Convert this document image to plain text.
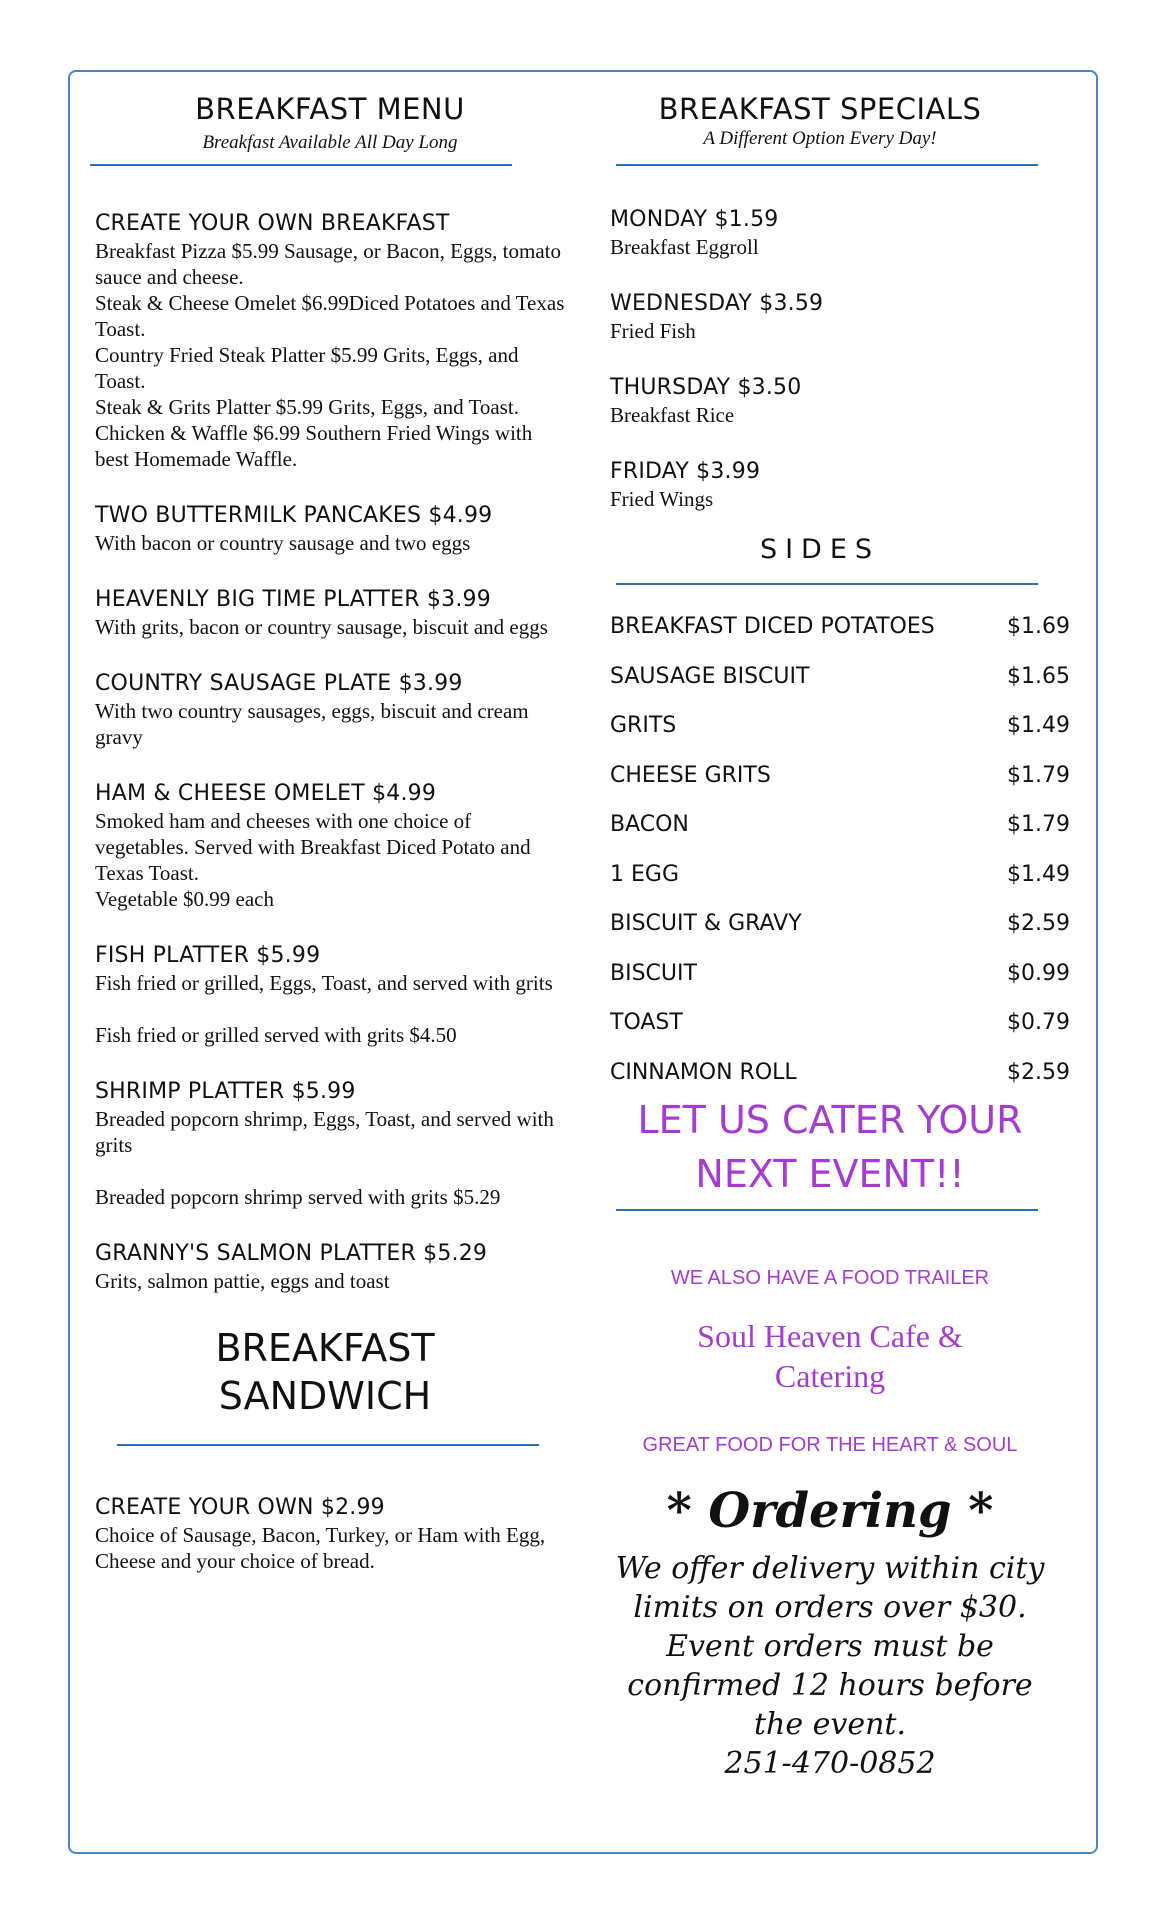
BREAKFAST MENU
Breakfast Available All Day Long
CREATE YOUR OWN BREAKFAST
Breakfast Pizza $5.99 Sausage, or Bacon, Eggs, tomato sauce and cheese.
Steak & Cheese Omelet $6.99Diced Potatoes and Texas Toast.
Country Fried Steak Platter $5.99 Grits, Eggs, and Toast.
Steak & Grits Platter $5.99 Grits, Eggs, and Toast.
Chicken & Waffle $6.99 Southern Fried Wings with best Homemade Waffle.
TWO BUTTERMILK PANCAKES $4.99
With bacon or country sausage and two eggs
HEAVENLY BIG TIME PLATTER $3.99
With grits, bacon or country sausage, biscuit and eggs
COUNTRY SAUSAGE PLATE $3.99
With two country sausages, eggs, biscuit and cream gravy
HAM & CHEESE OMELET $4.99
Smoked ham and cheeses with one choice of vegetables. Served with Breakfast Diced Potato and Texas Toast.
Vegetable $0.99 each
FISH PLATTER $5.99
Fish fried or grilled, Eggs, Toast, and served with grits

Fish fried or grilled served with grits $4.50
SHRIMP PLATTER $5.99
Breaded popcorn shrimp, Eggs, Toast, and served with grits

Breaded popcorn shrimp served with grits $5.29
GRANNY'S SALMON PLATTER $5.29
Grits, salmon pattie, eggs and toast
BREAKFAST SANDWICH
CREATE YOUR OWN $2.99
Choice of Sausage, Bacon, Turkey, or Ham with Egg, Cheese and your choice of bread.
BREAKFAST SPECIALS
A Different Option Every Day!
MONDAY $1.59
Breakfast Eggroll
WEDNESDAY $3.59
Fried Fish
THURSDAY $3.50
Breakfast Rice
FRIDAY $3.99
Fried Wings
SIDES
BREAKFAST DICED POTATOES	$1.69
SAUSAGE BISCUIT	$1.65
GRITS	$1.49
CHEESE GRITS	$1.79
BACON	$1.79
1 EGG	$1.49
BISCUIT & GRAVY	$2.59
BISCUIT	$0.99
TOAST	$0.79
CINNAMON ROLL	$2.59
LET US CATER YOUR NEXT EVENT!!
WE ALSO HAVE A FOOD TRAILER
Soul Heaven Cafe & Catering
GREAT FOOD FOR THE HEART & SOUL
* Ordering *
We offer delivery within city limits on orders over $30. Event orders must be confirmed 12 hours before the event.
251-470-0852
